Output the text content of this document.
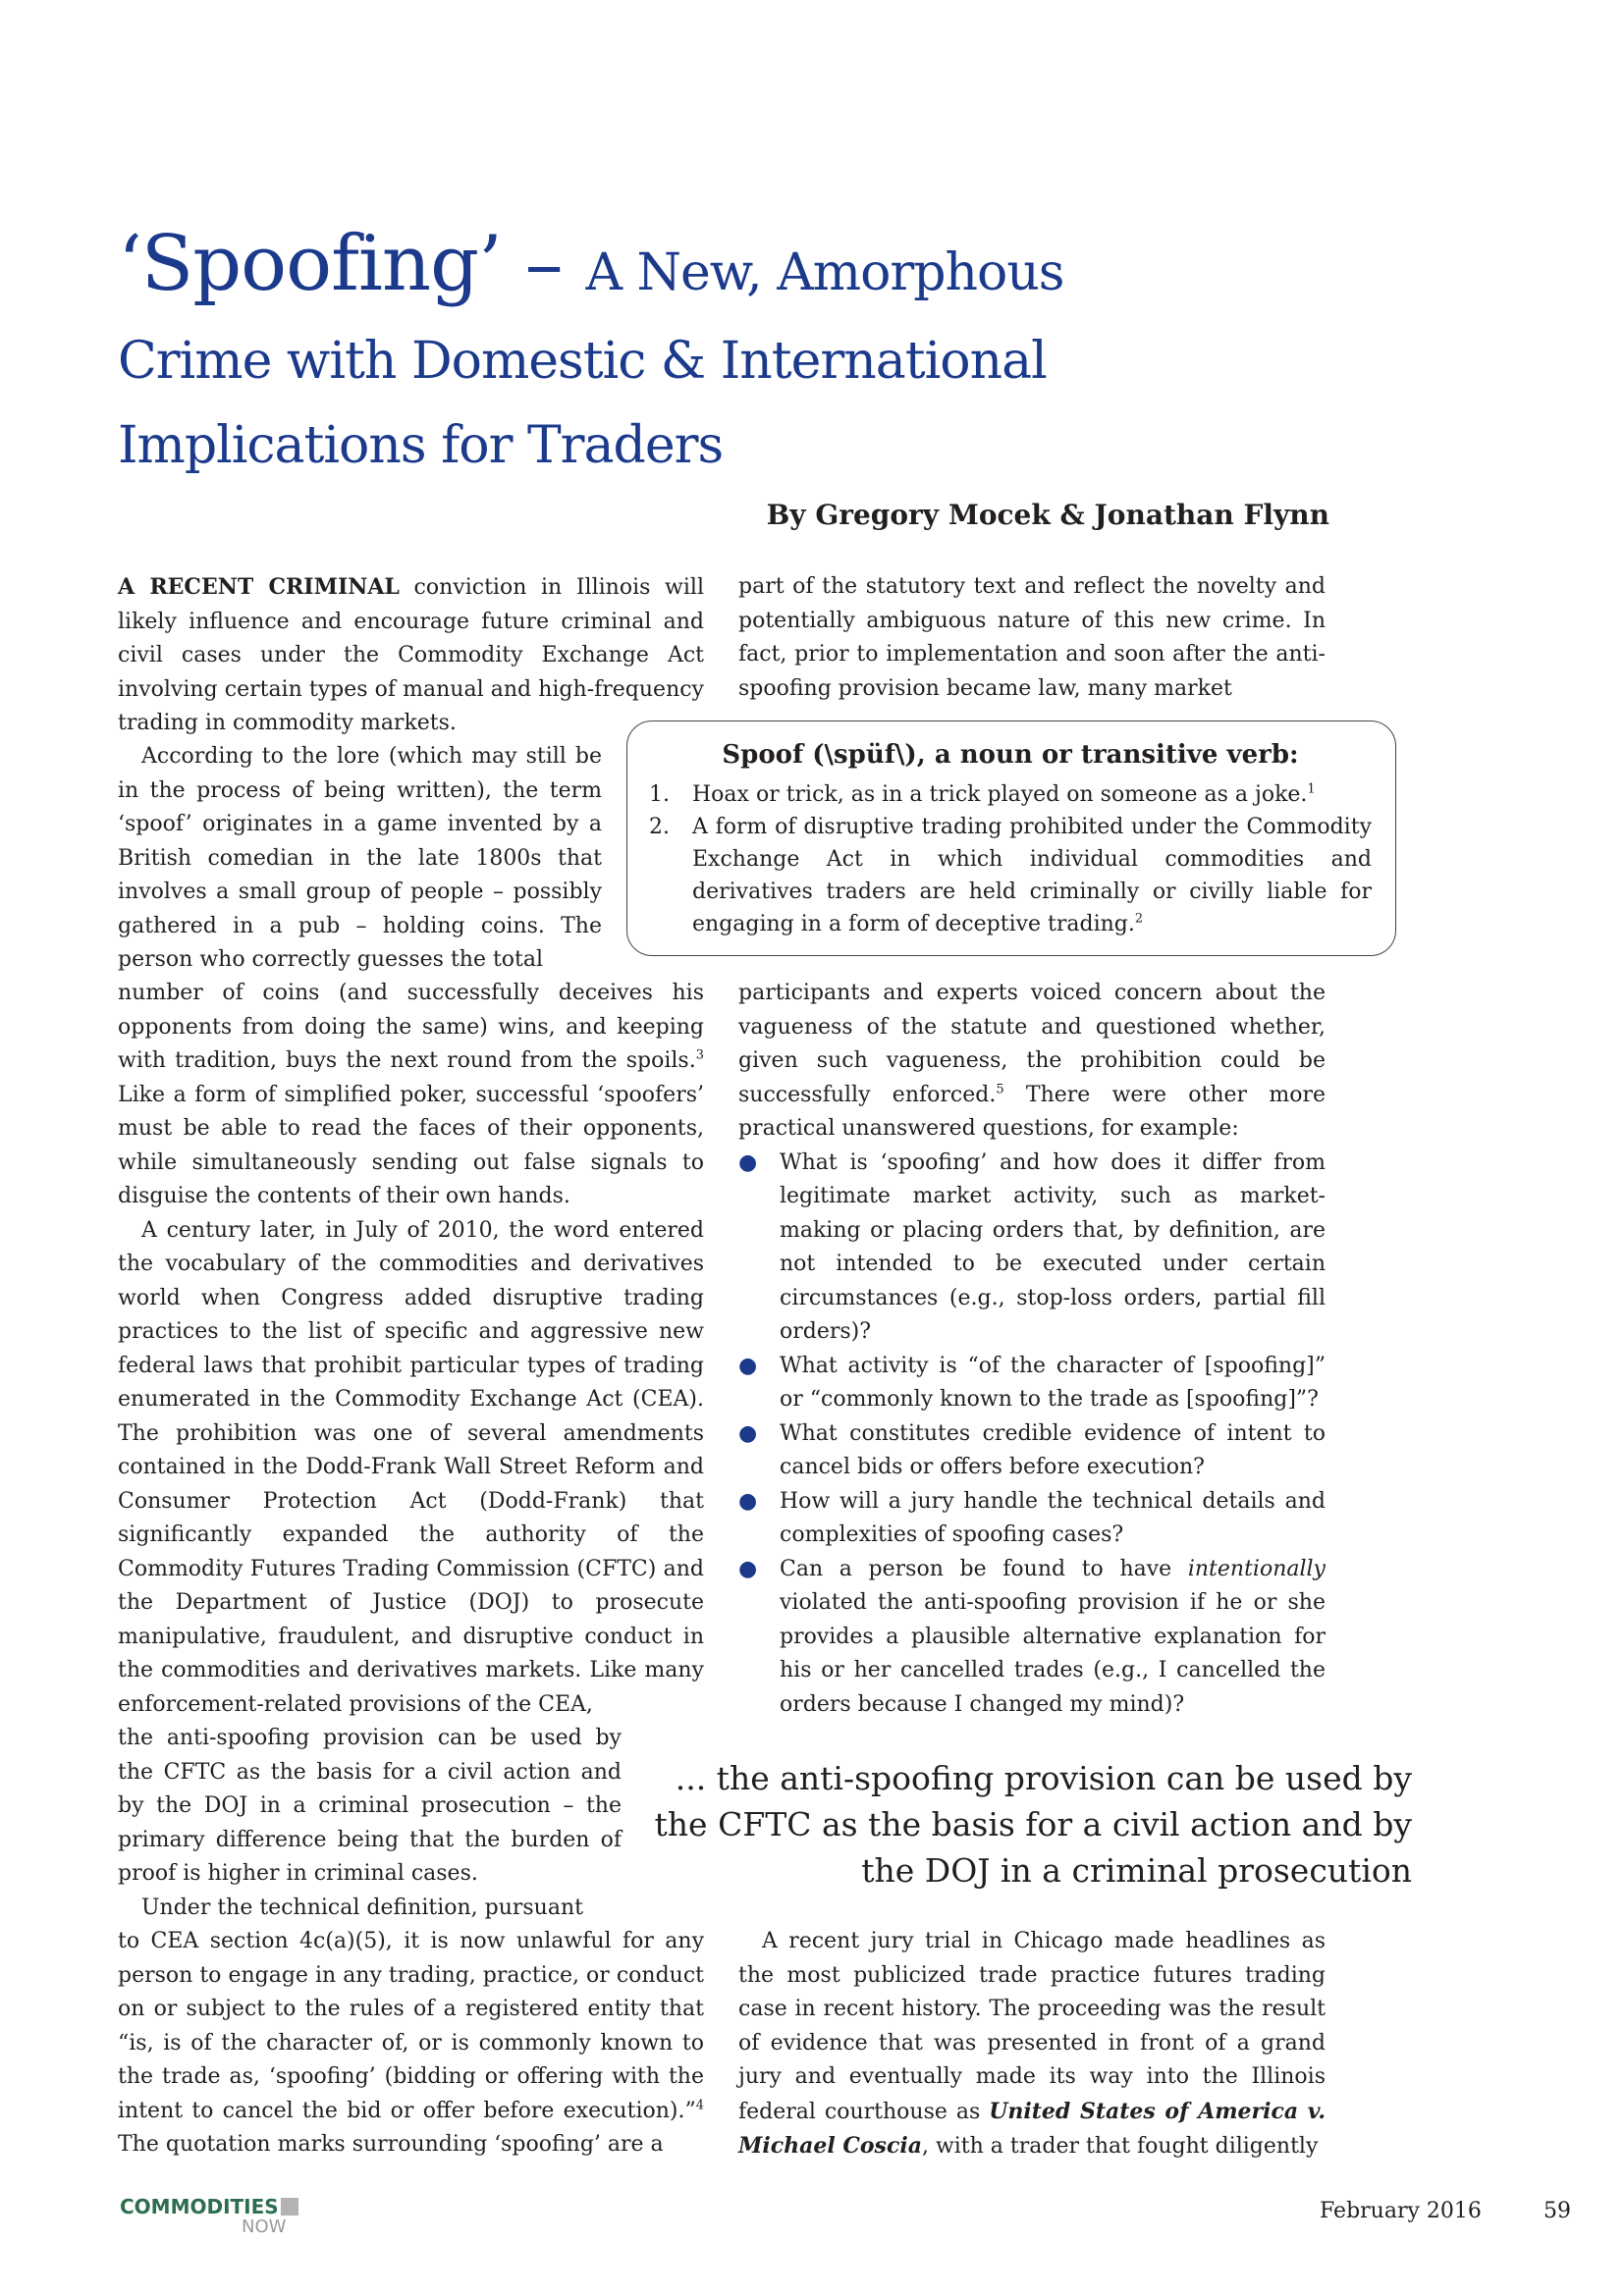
‘Spoofing’ – A New, Amorphous
Crime with Domestic & International
Implications for Traders
By Gregory Mocek & Jonathan Flynn

A RECENT CRIMINAL conviction in Illinois will likely influence and encourage future criminal and civil cases under the Commodity Exchange Act involving certain types of manual and high-frequency trading in commodity markets.

According to the lore (which may still be in the process of being written), the term ‘spoof’ originates in a game invented by a British comedian in the late 1800s that involves a small group of people – possibly gathered in a pub – holding coins. The person who correctly guesses the total

number of coins (and successfully deceives his opponents from doing the same) wins, and keeping with tradition, buys the next round from the spoils.$^3$ Like a form of simplified poker, successful ‘spoofers’ must be able to read the faces of their opponents, while simultaneously sending out false signals to disguise the contents of their own hands.

A century later, in July of 2010, the word entered the vocabulary of the commodities and derivatives world when Congress added disruptive trading practices to the list of specific and aggressive new federal laws that prohibit particular types of trading enumerated in the Commodity Exchange Act (CEA). The prohibition was one of several amendments contained in the Dodd-Frank Wall Street Reform and Consumer Protection Act (Dodd-Frank) that significantly expanded the authority of the Commodity Futures Trading Commission (CFTC) and the Department of Justice (DOJ) to prosecute manipulative, fraudulent, and disruptive conduct in the commodities and derivatives markets. Like many enforcement-related provisions of the CEA,

the anti-spoofing provision can be used by the CFTC as the basis for a civil action and by the DOJ in a criminal prosecution – the primary difference being that the burden of proof is higher in criminal cases.

Under the technical definition, pursuant

to CEA section 4c(a)(5), it is now unlawful for any person to engage in any trading, practice, or conduct on or subject to the rules of a registered entity that “is, is of the character of, or is commonly known to the trade as, ‘spoofing’ (bidding or offering with the intent to cancel the bid or offer before execution).”$^4$ The quotation marks surrounding ‘spoofing’ are a

part of the statutory text and reflect the novelty and potentially ambiguous nature of this new crime. In fact, prior to implementation and soon after the anti-spoofing provision became law, many market

Spoof (\spüf\), a noun or transitive verb:
1.	Hoax or trick, as in a trick played on someone as a joke.$^1$
2.	A form of disruptive trading prohibited under the Commodity Exchange Act in which individual commodities and derivatives traders are held criminally or civilly liable for engaging in a form of deceptive trading.$^2$

participants and experts voiced concern about the vagueness of the statute and questioned whether, given such vagueness, the prohibition could be successfully enforced.$^5$ There were other more practical unanswered questions, for example:

●	What is ‘spoofing’ and how does it differ from legitimate market activity, such as market-making or placing orders that, by definition, are not intended to be executed under certain circumstances (e.g., stop-loss orders, partial fill orders)?
●	What activity is “of the character of [spoofing]” or “commonly known to the trade as [spoofing]”?
●	What constitutes credible evidence of intent to cancel bids or offers before execution?
●	How will a jury handle the technical details and complexities of spoofing cases?
●	Can a person be found to have intentionally violated the anti-spoofing provision if he or she provides a plausible alternative explanation for his or her cancelled trades (e.g., I cancelled the orders because I changed my mind)?
... the anti-spoofing provision can be used by the CFTC as the basis for a civil action and by the DOJ in a criminal prosecution

A recent jury trial in Chicago made headlines as the most publicized trade practice futures trading case in recent history. The proceeding was the result of evidence that was presented in front of a grand jury and eventually made its way into the Illinois federal courthouse as United States of America v. Michael Coscia, with a trader that fought diligently

COMMODITIES
NOW
February 2016	59
